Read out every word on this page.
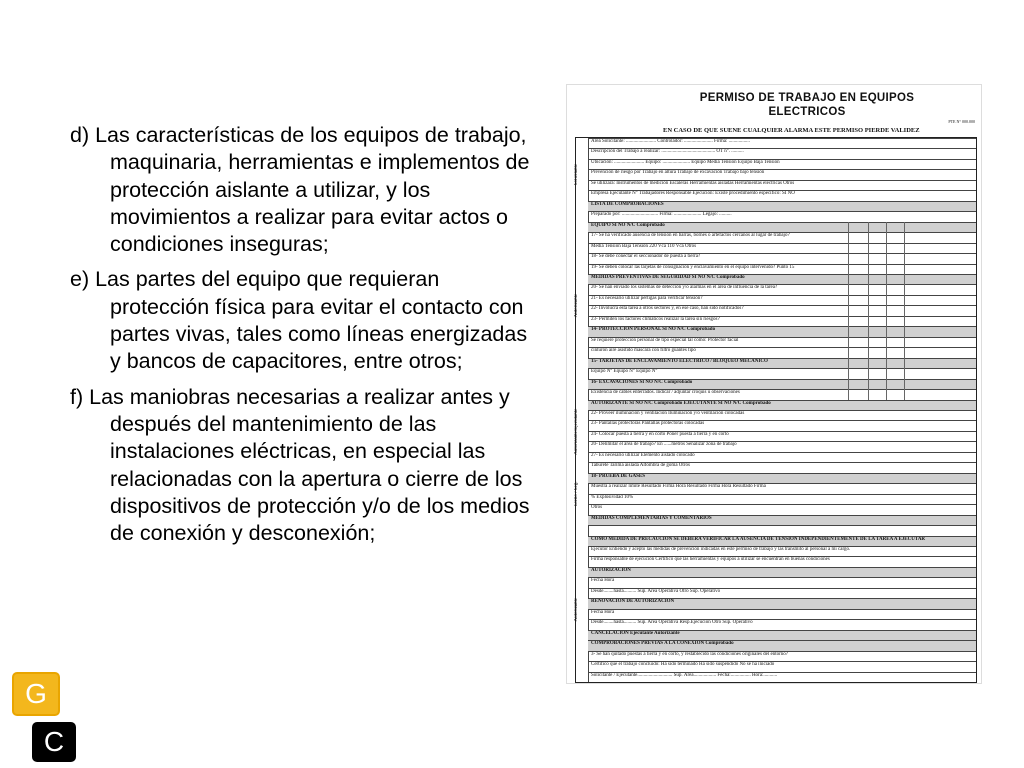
d) Las características de los equipos de trabajo, maquinaria, herramientas e implementos de protección aislante a utilizar, y los movimientos a realizar para evitar actos o condiciones inseguras;

e) Las partes del equipo que requieran protección física para evitar el contacto con partes vivas, tales como líneas energizadas y bancos de capacitores, entre otros;

f) Las maniobras necesarias a realizar antes y después del mantenimiento de las instalaciones eléctricas, en especial las relacionadas con la apertura o cierre de los dispositivos de protección y/o de los medios de conexión y desconexión;

PERMISO DE TRABAJO EN EQUIPOS
ELECTRICOS
PTE N° 000.000
EN CASO DE QUE SUENE CUALQUIER ALARMA ESTE PERMISO PIERDE VALIDEZ
Área Solicitante: ........................ Controlador: ....................... Firma: .................
Descripción del Trabajo a realizar: ........................................... OT n°. ..........
Ubicación: ........................ Equipo: ...................... Equipo Media Tensión Equipo Baja Tensión
Prevención de riesgo por Trabajo en altura Trabajo de excavación Trabajo bajo tensión
Se utilizará: Instrumentos de medición Escaleras Herramientas aisladas Herramientas eléctricas Otros
Empresa Ejecutante N° Trabajadores Responsable Ejecución: Existe procedimiento específico: SI NO
LISTA DE COMPROBACIONES
Preparado por: ............................. Firma: ...................... Legajo: ..........
EQUIPO SI NO N/C Comprobado
17- Se ha verificado ausencia de tensión en barras, bornes o artefactos cercanos al lugar de trabajo?
Media Tensión Baja Tensión 220 Vca 110 Vca Otros
18- Se debe conectar el seccionador de puesta a tierra?
19- Se deben colocar las tarjetas de consignación y enclavamiento en el equipo intervenido? Punto 15
MEDIDAS PREVENTIVAS DE SEGURIDAD SI NO N/C Comprobado
20- Se han enviado los sistemas de detección y/o alarmas en el área de influencia de la tarea?
21- Es necesario utilizar pértigas para verificar tensión?
22- Involucra esta tarea a otros sectores y, en ese caso, han sido notificados?
23- Permiten los factores climáticos realizar la tarea sin riesgos?
14- PROTECCIÓN PERSONAL SI NO N/C Comprobado
Se requiere protección personal de tipo especial tal como: Protector facial
cinturón aire asistido máscara con filtro guantes tipo
15- TARJETAS DE ENCLAVAMIENTO ELECTRICO / BLOQUEO MECANICO
Equipo N° Equipo N° Equipo N°
16- EXCAVACIONES SI NO N/C Comprobado
Existencia de cables enterrados. Indicar / adjuntar croquis u observaciones
AUTORIZANTE SI NO N/C Comprobado EJECUTANTE SI NO N/C Comprobado
22- Proveer iluminación y ventilación Iluminación y/o ventilación colocadas
23- Pantallas protectoras Pantallas protectoras colocadas
24- Colocar puesta a tierra y en corto Poner puesta a tierra y en corto
20- Delimitar el área de trabajo? En ......metros Señalizar zona de trabajo
27- Es necesario utilizar Elemento aislado colocado
Taburete Tarima aislada Alfombra de goma Otros
18- PRUEBA DE GASES
Muestra a realizar límite Resultado Firma Hora Resultado Firma Hora Resultado Firma
% Explosividad 10%
Otros
MEDIDAS COMPLEMENTARIAS Y COMENTARIOS
COMO MEDIDA DE PRECAUCION SE DEBERA VERIFICAR LA AUSENCIA DE TENSIÓN INDEPENDIENTEMENTE DE LA TAREA A EJECUTAR
Ejecutor Entiendo y acepto las medidas de prevención indicadas en este permiso de trabajo y las transmito al personal a mi cargo.
Firma responsable de ejecución Certifico que las herramientas y equipos a utilizar se encuentran en buenas condiciones
AUTORIZACION
Fecha Hora
Desde........hasta.......... Sup. Area Operativa Otro Sup. Operativo
RENOVACIÓN DE AUTORIZACION
Fecha Hora
Desde........hasta.......... Sup. Area Operativa Resp.Ejecución Otro Sup. Operativo
CANCELACION Ejecutante Autorizante
COMPROBACIONES PREVIAS A LA CONEXIÓN Comprobado
3- Se han quitado puestas a tierra y en corto, y restablecido las condiciones originales del entorno?
Certifico que el trabajo concluido: Ha sido terminado Ha sido suspendido No se ha iniciado
Solicitante / Ejecutante............................ Sup. Área.................. Fecha:................ Hora:...........
Solicitante
Autorizante
Autorizante/Ejecutante
Lleno / Seg.
Autorizante
G
C
